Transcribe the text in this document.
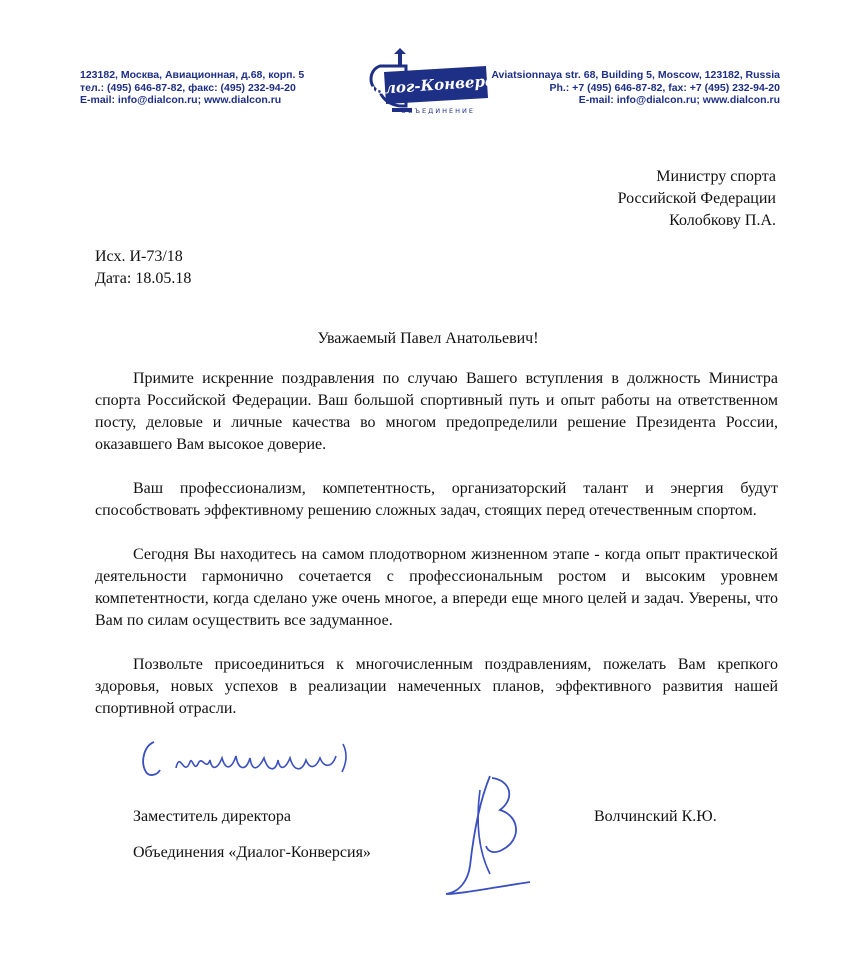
123182, Москва, Авиационная, д.68, корп. 5
тел.: (495) 646-87-82, факс: (495) 232-94-20
E-mail: info@dialcon.ru; www.dialcon.ru
Диалог-Конверсия
ОБЪЕДИНЕНИЕ
Aviatsionnaya str. 68, Building 5, Moscow, 123182, Russia
Ph.: +7 (495) 646-87-82, fax: +7 (495) 232-94-20
E-mail: info@dialcon.ru; www.dialcon.ru
Министру спорта
Российской Федерации
Колобкову П.А.
Исх. И-73/18
Дата: 18.05.18
Уважаемый Павел Анатольевич!

Примите искренние поздравления по случаю Вашего вступления в должность Министра спорта Российской Федерации. Ваш большой спортивный путь и опыт работы на ответственном посту, деловые и личные качества во многом предопределили решение Президента России, оказавшего Вам высокое доверие.

Ваш профессионализм, компетентность, организаторский талант и энергия будут способствовать эффективному решению сложных задач, стоящих перед отечественным спортом.

Сегодня Вы находитесь на самом плодотворном жизненном этапе - когда опыт практической деятельности гармонично сочетается с профессиональным ростом и высоким уровнем компетентности, когда сделано уже очень многое, а впереди еще много целей и задач. Уверены, что Вам по силам осуществить все задуманное.

Позвольте присоединиться к многочисленным поздравлениям, пожелать Вам крепкого здоровья, новых успехов в реализации намеченных планов, эффективного развития нашей спортивной отрасли.

Заместитель директора
Объединения «Диалог-Конверсия»
Волчинский К.Ю.
